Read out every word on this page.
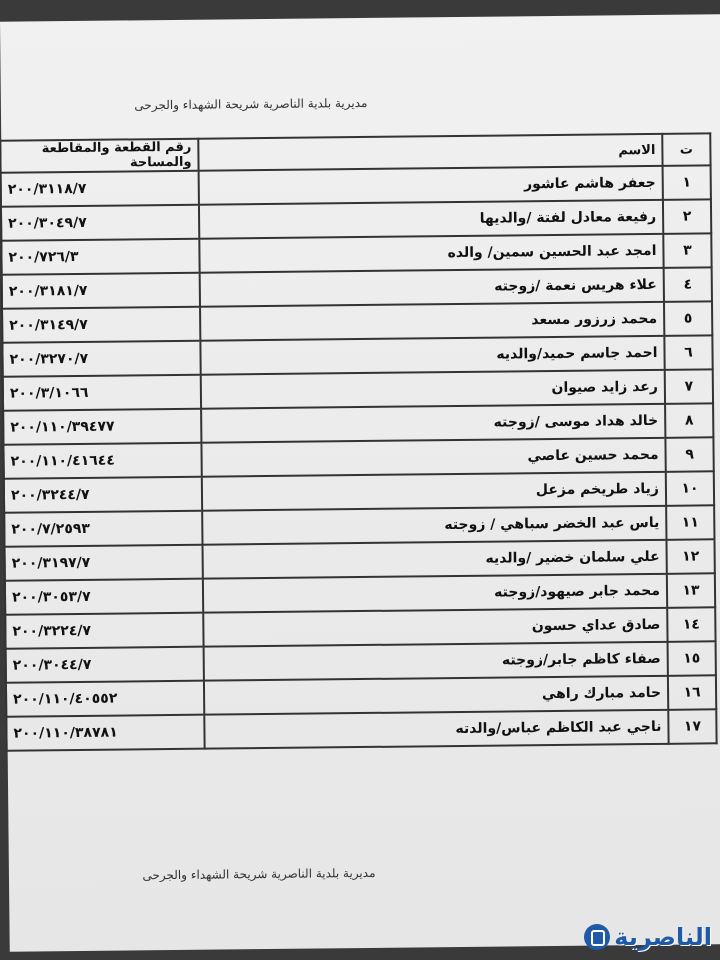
مديرية بلدية الناصرية شريحة الشهداء والجرحى
ت	الاسم	رقم القطعة والمقاطعة والمساحة
١	جعفر هاشم عاشور	٢٠٠/٣١١٨/٧
٢	رفيعة معادل لفتة /والديها	٢٠٠/٣٠٤٩/٧
٣	امجد عبد الحسين سمين/ والده	٢٠٠/٧٢٦/٣
٤	علاء هريس نعمة /زوجته	٢٠٠/٣١٨١/٧
٥	محمد زرزور مسعد	٢٠٠/٣١٤٩/٧
٦	احمد جاسم حميد/والديه	٢٠٠/٣٢٧٠/٧
٧	رعد زايد صيوان	٢٠٠/٣/١٠٦٦
٨	خالد هداد موسى /زوجته	٢٠٠/١١٠/٣٩٤٧٧
٩	محمد حسين عاصي	٢٠٠/١١٠/٤١٦٤٤
١٠	زياد طريخم مزعل	٢٠٠/٣٢٤٤/٧
١١	ياس عبد الخضر سباهي / زوجته	٢٠٠/٧/٢٥٩٣
١٢	علي سلمان خضير /والديه	٢٠٠/٣١٩٧/٧
١٣	محمد جابر صيهود/زوجته	٢٠٠/٣٠٥٣/٧
١٤	صادق عداي حسون	٢٠٠/٣٢٢٤/٧
١٥	صفاء كاظم جابر/زوجته	٢٠٠/٣٠٤٤/٧
١٦	حامد مبارك راهي	٢٠٠/١١٠/٤٠٥٥٢
١٧	ناجي عبد الكاظم عباس/والدته	٢٠٠/١١٠/٣٨٧٨١
مديرية بلدية الناصرية شريحة الشهداء والجرحى
الناصرية
